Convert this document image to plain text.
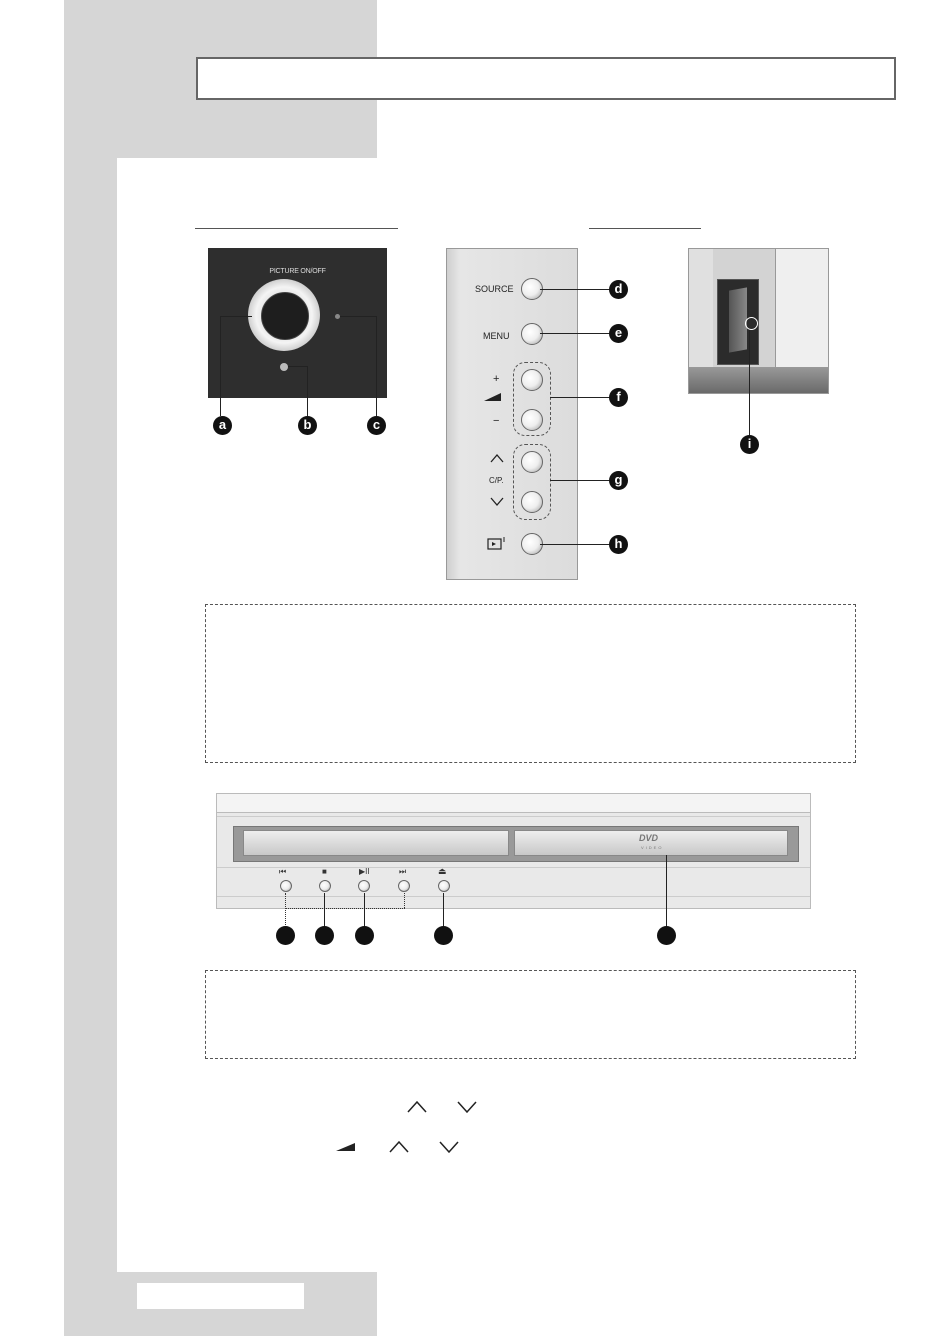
PICTURE ON/OFF
a	b	c
SOURCE
MENU
+
−
C/P.
d
e
f
g
h
i
DVD
VIDEO
⏮	■	▶II	⏭	⏏
